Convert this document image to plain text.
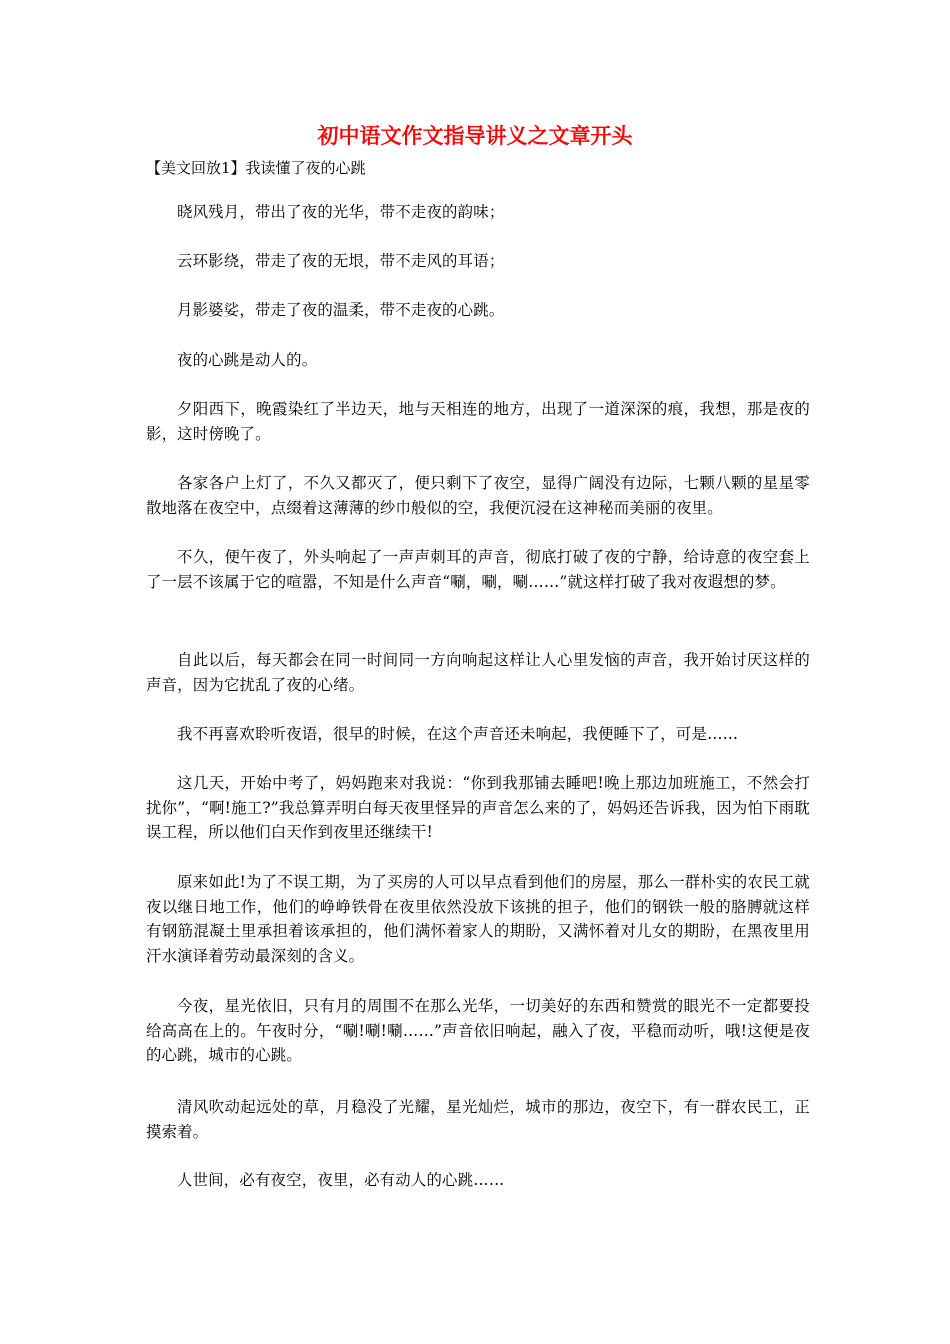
初中语文作文指导讲义之文章开头

【美文回放1】我读懂了夜的心跳

晓风残月，带出了夜的光华，带不走夜的韵味；

云环影绕，带走了夜的无垠，带不走风的耳语；

月影婆娑，带走了夜的温柔，带不走夜的心跳。

夜的心跳是动人的。

夕阳西下，晚霞染红了半边天，地与天相连的地方，出现了一道深深的痕，我想，那是夜的影，这时傍晚了。

各家各户上灯了，不久又都灭了，便只剩下了夜空，显得广阔没有边际，七颗八颗的星星零散地落在夜空中，点缀着这薄薄的纱巾般似的空，我便沉浸在这神秘而美丽的夜里。

不久，便午夜了，外头响起了一声声刺耳的声音，彻底打破了夜的宁静，给诗意的夜空套上了一层不该属于它的喧嚣，不知是什么声音“唰，唰，唰……”就这样打破了我对夜遐想的梦。

自此以后，每天都会在同一时间同一方向响起这样让人心里发恼的声音，我开始讨厌这样的声音，因为它扰乱了夜的心绪。

我不再喜欢聆听夜语，很早的时候，在这个声音还未响起，我便睡下了，可是……

这几天，开始中考了，妈妈跑来对我说：“你到我那铺去睡吧!晚上那边加班施工，不然会打扰你”，“啊!施工?”我总算弄明白每天夜里怪异的声音怎么来的了，妈妈还告诉我，因为怕下雨耽误工程，所以他们白天作到夜里还继续干!

原来如此!为了不误工期，为了买房的人可以早点看到他们的房屋，那么一群朴实的农民工就夜以继日地工作，他们的峥峥铁骨在夜里依然没放下该挑的担子，他们的钢铁一般的胳膊就这样有钢筋混凝土里承担着该承担的，他们满怀着家人的期盼，又满怀着对儿女的期盼，在黑夜里用汗水演译着劳动最深刻的含义。

今夜，星光依旧，只有月的周围不在那么光华，一切美好的东西和赞赏的眼光不一定都要投给高高在上的。午夜时分，“唰!唰!唰……”声音依旧响起，融入了夜，平稳而动听，哦!这便是夜的心跳，城市的心跳。

清风吹动起远处的草，月稳没了光耀，星光灿烂，城市的那边，夜空下，有一群农民工，正摸索着。

人世间，必有夜空，夜里，必有动人的心跳……
